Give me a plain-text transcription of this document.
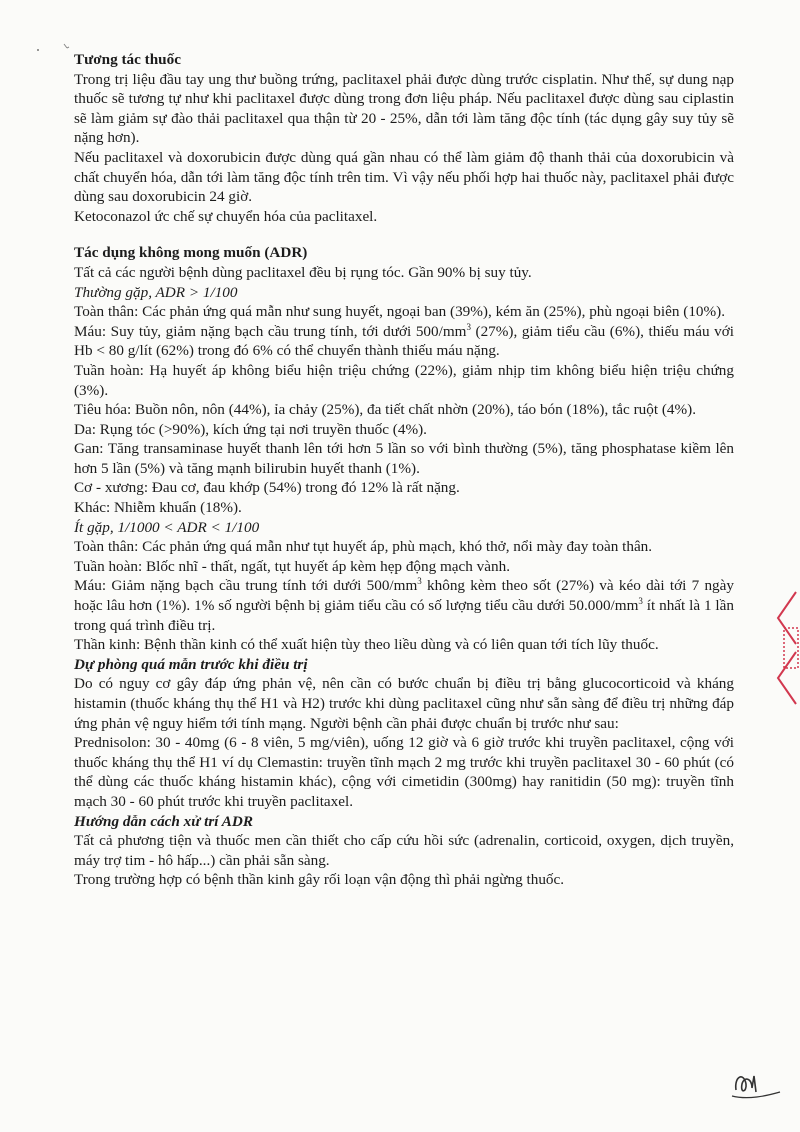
Tương tác thuốc

Trong trị liệu đầu tay ung thư buồng trứng, paclitaxel phải được dùng trước cisplatin. Như thế, sự dung nạp thuốc sẽ tương tự như khi paclitaxel được dùng trong đơn liệu pháp. Nếu paclitaxel được dùng sau ciplastin sẽ làm giảm sự đào thải paclitaxel qua thận từ 20 - 25%, dẫn tới làm tăng độc tính (tác dụng gây suy tủy sẽ nặng hơn).

Nếu paclitaxel và doxorubicin được dùng quá gần nhau có thể làm giảm độ thanh thải của doxorubicin và chất chuyển hóa, dẫn tới làm tăng độc tính trên tim. Vì vậy nếu phối hợp hai thuốc này, paclitaxel phải được dùng sau doxorubicin 24 giờ.

Ketoconazol ức chế sự chuyển hóa của paclitaxel.

Tác dụng không mong muốn (ADR)

Tất cả các người bệnh dùng paclitaxel đều bị rụng tóc. Gần 90% bị suy tủy.

Thường gặp, ADR > 1/100

Toàn thân: Các phản ứng quá mẫn như sung huyết, ngoại ban (39%), kém ăn (25%), phù ngoại biên (10%).

Máu: Suy tủy, giảm nặng bạch cầu trung tính, tới dưới $500/mm^3$ (27%), giảm tiểu cầu (6%), thiếu máu với Hb < 80 g/lít (62%) trong đó 6% có thể chuyển thành thiếu máu nặng.

Tuần hoàn: Hạ huyết áp không biểu hiện triệu chứng (22%), giảm nhịp tim không biểu hiện triệu chứng (3%).

Tiêu hóa: Buồn nôn, nôn (44%), ỉa chảy (25%), đa tiết chất nhờn (20%), táo bón (18%), tắc ruột (4%).

Da: Rụng tóc (>90%), kích ứng tại nơi truyền thuốc (4%).

Gan: Tăng transaminase huyết thanh lên tới hơn 5 lần so với bình thường (5%), tăng phosphatase kiềm lên hơn 5 lần (5%) và tăng mạnh bilirubin huyết thanh (1%).

Cơ - xương: Đau cơ, đau khớp (54%) trong đó 12% là rất nặng.

Khác: Nhiễm khuẩn (18%).

Ít gặp, 1/1000 < ADR < 1/100

Toàn thân: Các phản ứng quá mẫn như tụt huyết áp, phù mạch, khó thở, nổi mày đay toàn thân.

Tuần hoàn: Blốc nhĩ - thất, ngất, tụt huyết áp kèm hẹp động mạch vành.

Máu: Giảm nặng bạch cầu trung tính tới dưới $500/mm^3$ không kèm theo sốt (27%) và kéo dài tới 7 ngày hoặc lâu hơn (1%). 1% số người bệnh bị giảm tiểu cầu có số lượng tiểu cầu dưới $50.000/mm^3$ ít nhất là 1 lần trong quá trình điều trị.

Thần kinh: Bệnh thần kinh có thể xuất hiện tùy theo liều dùng và có liên quan tới tích lũy thuốc.

Dự phòng quá mẫn trước khi điều trị

Do có nguy cơ gây đáp ứng phản vệ, nên cần có bước chuẩn bị điều trị bằng glucocorticoid và kháng histamin (thuốc kháng thụ thể H1 và H2) trước khi dùng paclitaxel cũng như sẵn sàng để điều trị những đáp ứng phản vệ nguy hiểm tới tính mạng. Người bệnh cần phải được chuẩn bị trước như sau:

Prednisolon: 30 - 40mg (6 - 8 viên, 5 mg/viên), uống 12 giờ và 6 giờ trước khi truyền paclitaxel, cộng với thuốc kháng thụ thể H1 ví dụ Clemastin: truyền tĩnh mạch 2 mg trước khi truyền paclitaxel 30 - 60 phút (có thể dùng các thuốc kháng histamin khác), cộng với cimetidin (300mg) hay ranitidin (50 mg): truyền tĩnh mạch 30 - 60 phút trước khi truyền paclitaxel.

Hướng dẫn cách xử trí ADR

Tất cả phương tiện và thuốc men cần thiết cho cấp cứu hồi sức (adrenalin, corticoid, oxygen, dịch truyền, máy trợ tim - hô hấp...) cần phải sẵn sàng.

Trong trường hợp có bệnh thần kinh gây rối loạn vận động thì phải ngừng thuốc.
